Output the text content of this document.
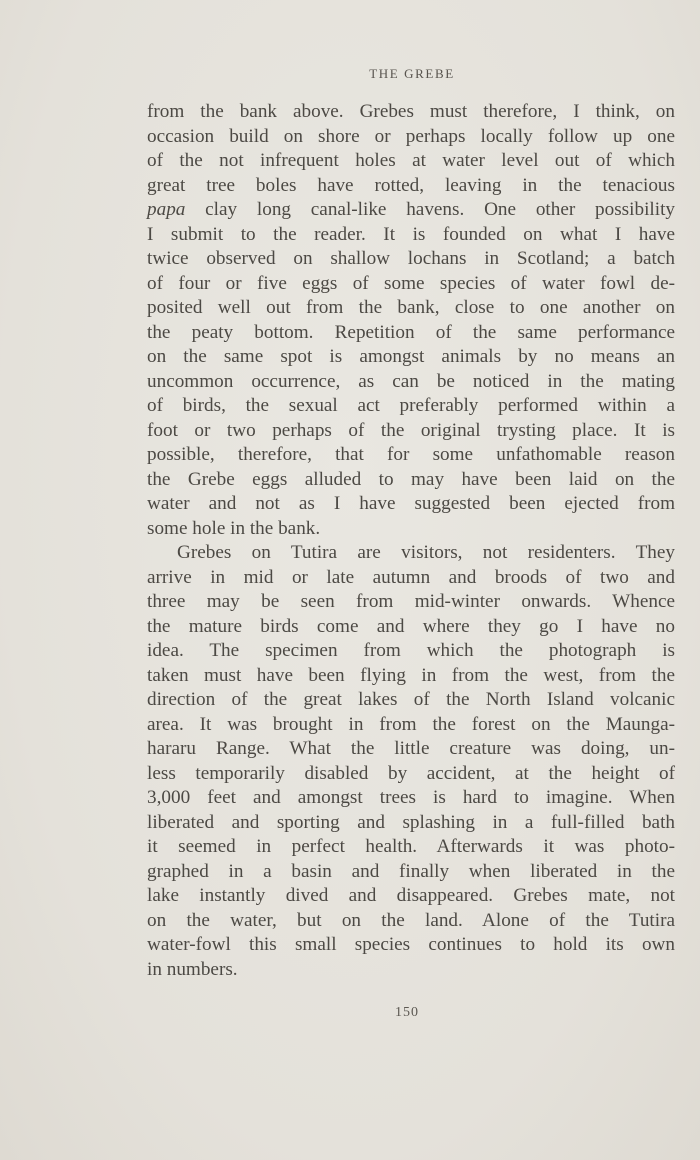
THE GREBE
from the bank above. Grebes must therefore, I think, on
occasion build on shore or perhaps locally follow up one
of the not infrequent holes at water level out of which
great tree boles have rotted, leaving in the tenacious
papa clay long canal-like havens. One other possibility
I submit to the reader. It is founded on what I have
twice observed on shallow lochans in Scotland; a batch
of four or five eggs of some species of water fowl de-
posited well out from the bank, close to one another on
the peaty bottom. Repetition of the same performance
on the same spot is amongst animals by no means an
uncommon occurrence, as can be noticed in the mating
of birds, the sexual act preferably performed within a
foot or two perhaps of the original trysting place. It is
possible, therefore, that for some unfathomable reason
the Grebe eggs alluded to may have been laid on the
water and not as I have suggested been ejected from
some hole in the bank.
Grebes on Tutira are visitors, not residenters. They
arrive in mid or late autumn and broods of two and
three may be seen from mid-winter onwards. Whence
the mature birds come and where they go I have no
idea. The specimen from which the photograph is
taken must have been flying in from the west, from the
direction of the great lakes of the North Island volcanic
area. It was brought in from the forest on the Maunga-
hararu Range. What the little creature was doing, un-
less temporarily disabled by accident, at the height of
3,000 feet and amongst trees is hard to imagine. When
liberated and sporting and splashing in a full-filled bath
it seemed in perfect health. Afterwards it was photo-
graphed in a basin and finally when liberated in the
lake instantly dived and disappeared. Grebes mate, not
on the water, but on the land. Alone of the Tutira
water-fowl this small species continues to hold its own
in numbers.
150
